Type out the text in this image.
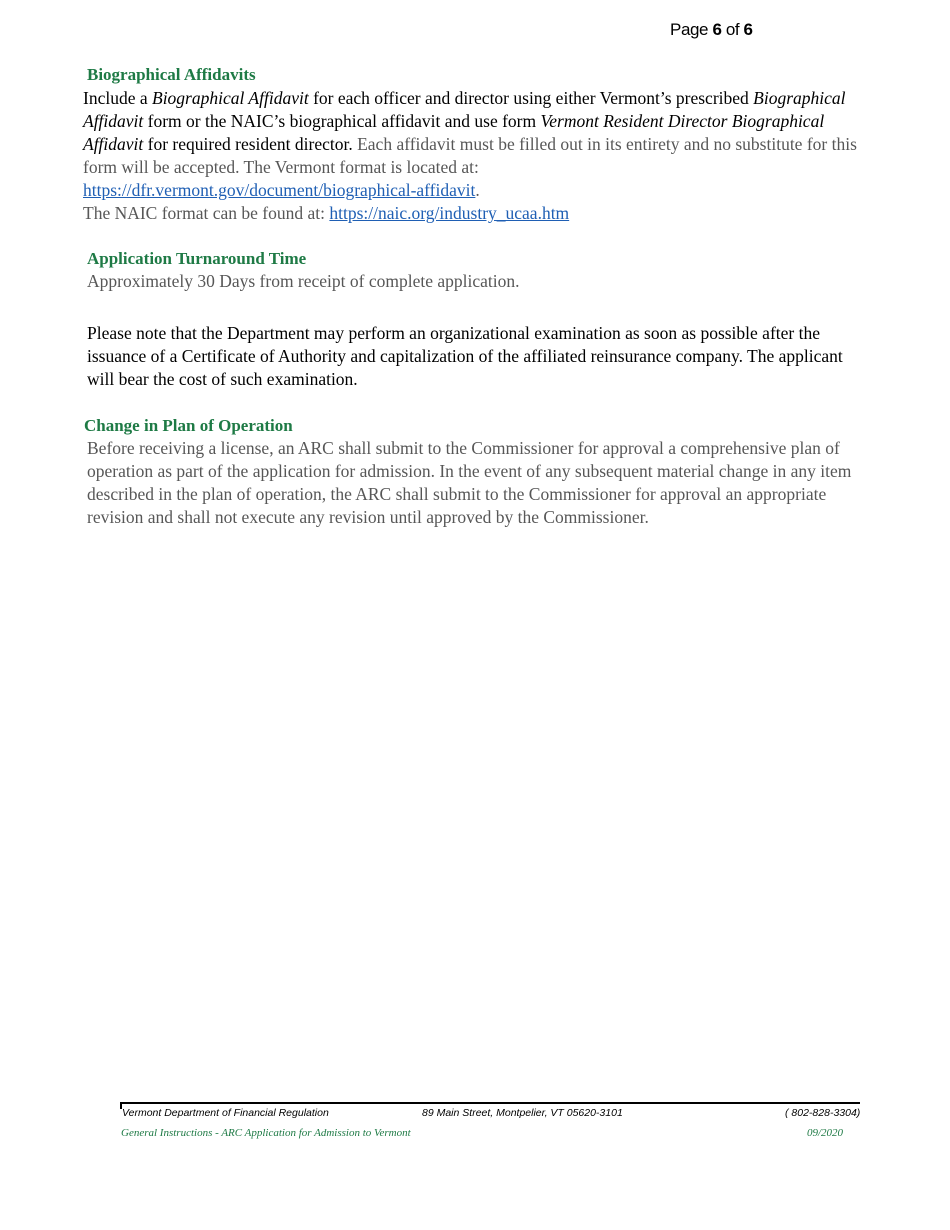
Page 6 of 6
Biographical Affidavits
Include a Biographical Affidavit for each officer and director using either Vermont’s prescribed Biographical Affidavit form or the NAIC’s biographical affidavit and use form Vermont Resident Director Biographical Affidavit for required resident director. Each affidavit must be filled out in its entirety and no substitute for this form will be accepted. The Vermont format is located at:
https://dfr.vermont.gov/document/biographical-affidavit.
The NAIC format can be found at: https://naic.org/industry_ucaa.htm
Application Turnaround Time
Approximately 30 Days from receipt of complete application.
Please note that the Department may perform an organizational examination as soon as possible after the issuance of a Certificate of Authority and capitalization of the affiliated reinsurance company. The applicant will bear the cost of such examination.
Change in Plan of Operation
Before receiving a license, an ARC shall submit to the Commissioner for approval a comprehensive plan of operation as part of the application for admission. In the event of any subsequent material change in any item described in the plan of operation, the ARC shall submit to the Commissioner for approval an appropriate revision and shall not execute any revision until approved by the Commissioner.
Vermont Department of Financial Regulation	89 Main Street, Montpelier, VT 05620-3101	( 802-828-3304)
General Instructions - ARC Application for Admission to Vermont	09/2020
